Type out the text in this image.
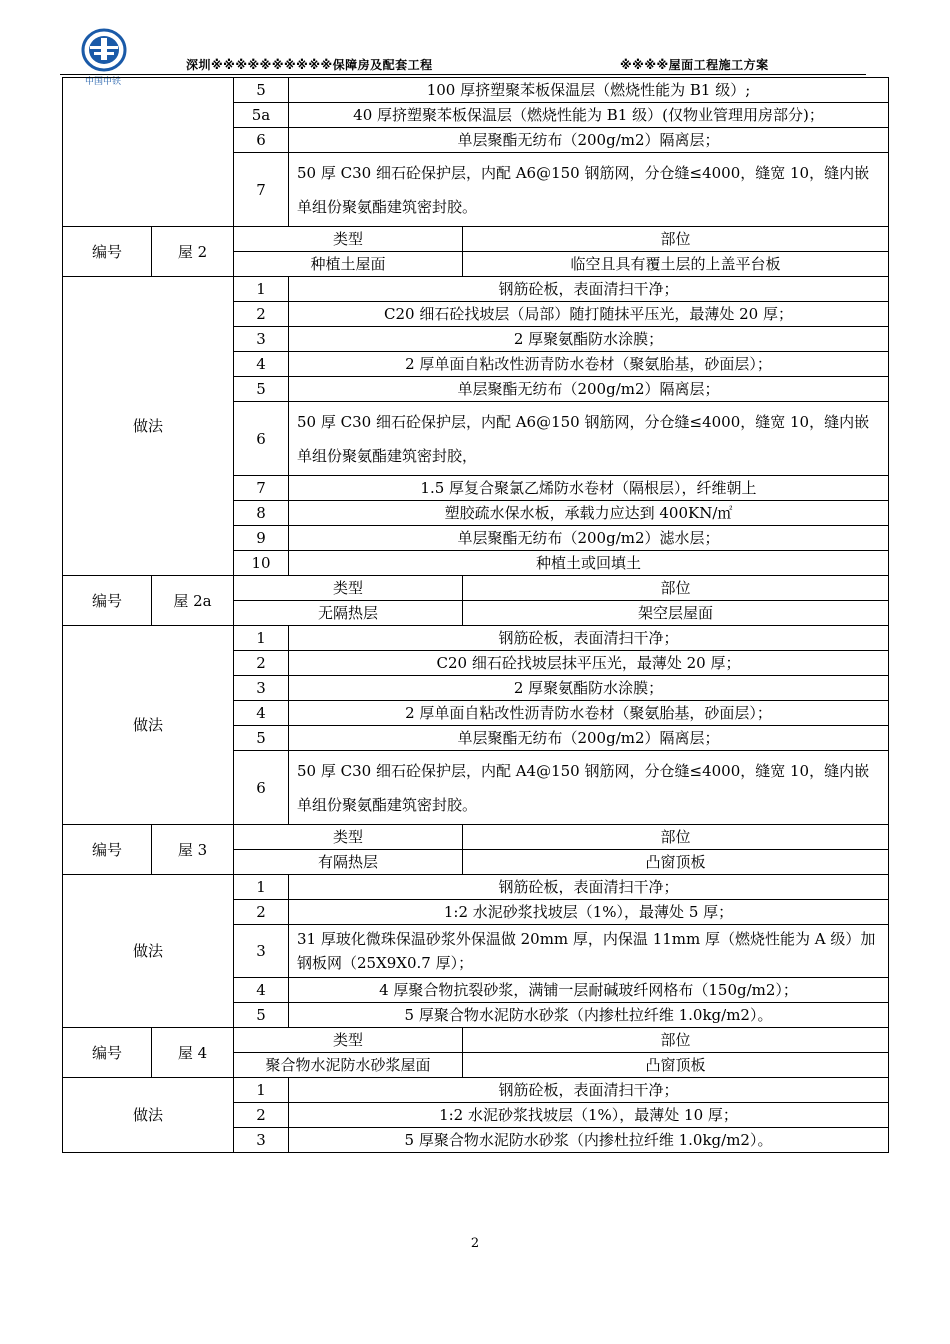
中国中铁
深圳※※※※※※※※※※保障房及配套工程	※※※※屋面工程施工方案
		5	100 厚挤塑聚苯板保温层（燃烧性能为 B1 级）;	
		5a	40 厚挤塑聚苯板保温层（燃烧性能为 B1 级）(仅物业管理用房部分)；	
		6	单层聚酯无纺布（200g/m2）隔离层；	
		7	50 厚 C30 细石砼保护层，内配 A6@150 钢筋网，分仓缝≤4000，缝宽 10，缝内嵌单组份聚氨酯建筑密封胶。	
编号	屋 2	类型		部位
		种植土屋面		临空且具有覆土层的上盖平台板
做法		1	钢筋砼板，表面清扫干净；	
		2	C20 细石砼找坡层（局部）随打随抹平压光，最薄处 20 厚；	
		3	2 厚聚氨酯防水涂膜；	
		4	2 厚单面自粘改性沥青防水卷材（聚氨胎基，砂面层）；	
		5	单层聚酯无纺布（200g/m2）隔离层；	
		6	50 厚 C30 细石砼保护层，内配 A6@150 钢筋网，分仓缝≤4000，缝宽 10，缝内嵌单组份聚氨酯建筑密封胶，	
		7	1.5 厚复合聚氯乙烯防水卷材（隔根层），纤维朝上	
		8	塑胶疏水保水板，承载力应达到 400KN/㎡	
		9	单层聚酯无纺布（200g/m2）滤水层；	
		10	种植土或回填土	
编号	屋 2a	类型		部位
		无隔热层		架空层屋面
做法		1	钢筋砼板，表面清扫干净；	
		2	C20 细石砼找坡层抹平压光，最薄处 20 厚；	
		3	2 厚聚氨酯防水涂膜；	
		4	2 厚单面自粘改性沥青防水卷材（聚氨胎基，砂面层）；	
		5	单层聚酯无纺布（200g/m2）隔离层；	
		6	50 厚 C30 细石砼保护层，内配 A4@150 钢筋网，分仓缝≤4000，缝宽 10，缝内嵌单组份聚氨酯建筑密封胶。	
编号	屋 3	类型		部位
		有隔热层		凸窗顶板
做法		1	钢筋砼板，表面清扫干净；	
		2	1:2 水泥砂浆找坡层（1%），最薄处 5 厚；	
		3	31 厚玻化微珠保温砂浆外保温做 20mm 厚，内保温 11mm 厚（燃烧性能为 A 级）加钢板网（25X9X0.7 厚）；	
		4	4 厚聚合物抗裂砂浆，满铺一层耐碱玻纤网格布（150g/m2）；	
		5	5 厚聚合物水泥防水砂浆（内掺杜拉纤维 1.0kg/m2）。	
编号	屋 4	类型		部位
		聚合物水泥防水砂浆屋面		凸窗顶板
做法		1	钢筋砼板，表面清扫干净；	
		2	1:2 水泥砂浆找坡层（1%），最薄处 10 厚；	
		3	5 厚聚合物水泥防水砂浆（内掺杜拉纤维 1.0kg/m2）。	
2
